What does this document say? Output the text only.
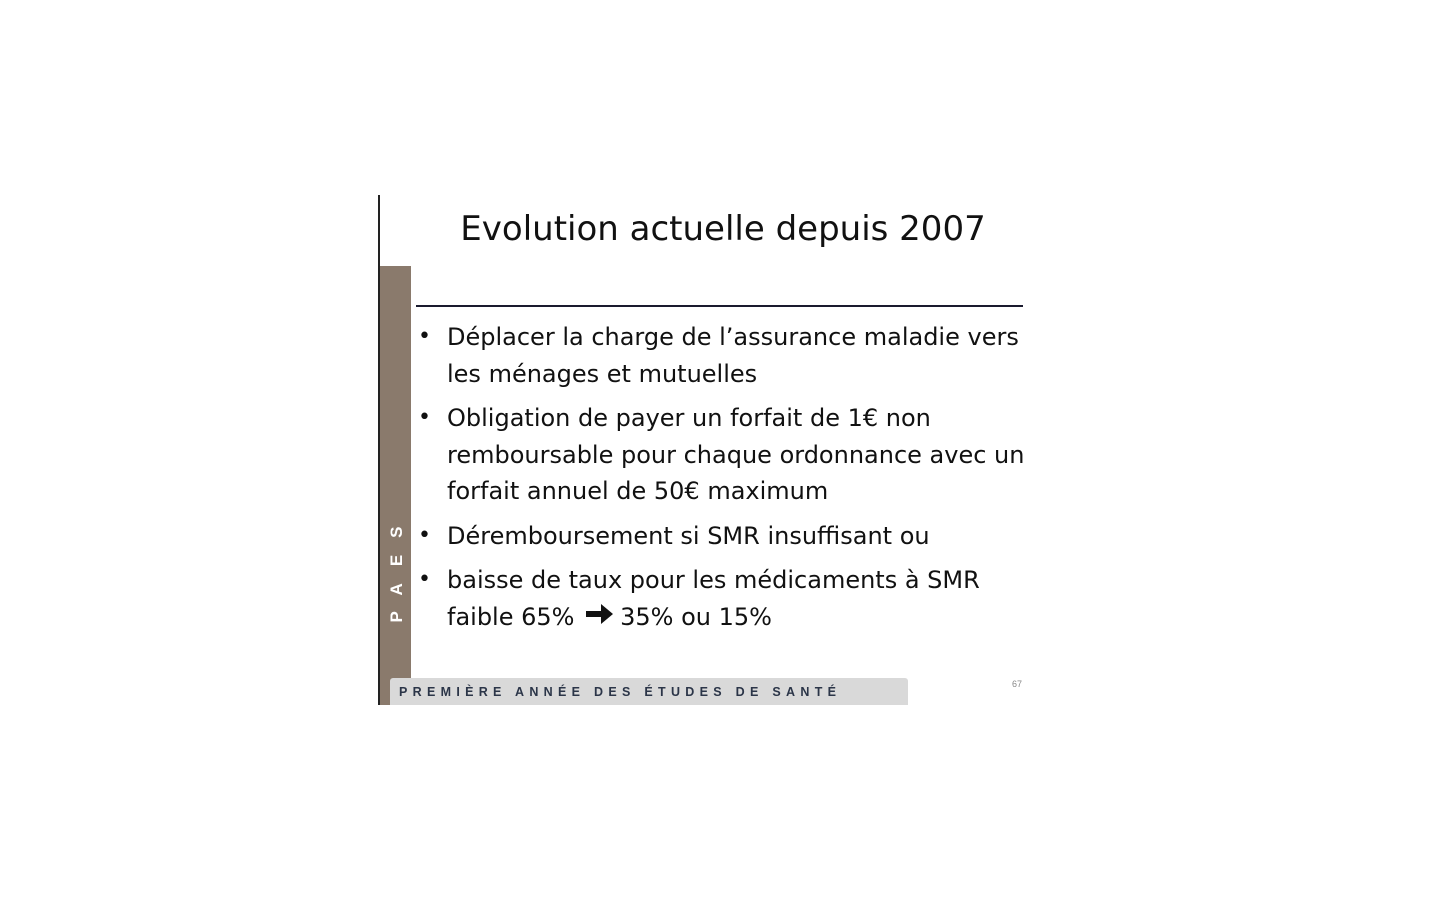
PAES
Evolution actuelle depuis 2007
• Déplacer la charge de l’assurance maladie vers les ménages et mutuelles
• Obligation de payer un forfait de 1€ non remboursable pour chaque ordonnance avec un forfait annuel de 50€ maximum
• Déremboursement si SMR insuffisant ou
• baisse de taux pour les médicaments à SMR faible 65% 35% ou 15%
PREMIÈRE ANNÉE DES ÉTUDES DE SANTÉ
67
